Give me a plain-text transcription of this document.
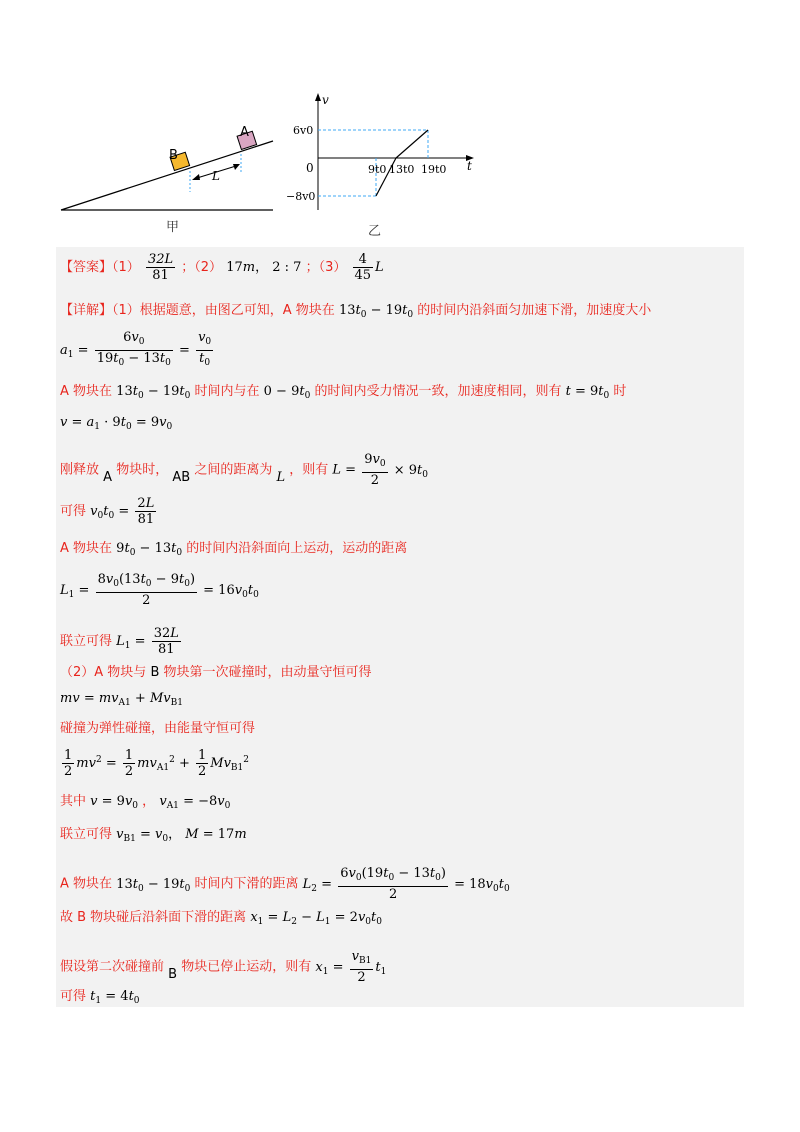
B
A
L
甲
v
t
0
6v0
−8v0
9t0 13t0 19t0
乙
【答案】$(1) \frac{32L}{81}$ ；（2） 17m， 2 : 7 ；$(3) \frac{4}{45}$ L
【详解】（1）根据题意，由图乙可知，A 物块在 $13t_0 - 19t_0$ 的时间内沿斜面匀加速下滑，加速度大小
$a_1 = \frac{6v_0}{19t_0 - 13t_0} = \frac{v_0}{t_0}$
A 物块在 $13t_0 - 19t_0$ 时间内与在 $0 - 9t_0$ 的时间内受力情况一致，加速度相同，则有 $t = 9t_0$ 时
$v = a_1 \cdot 9t_0 = 9v_0$
刚释放 A 物块时， AB 之间的距离为 L ，则有 $L = \frac{9v_0}{2} \times 9t_0$
可得 $v_0t_0 = \frac{2L}{81}$
A 物块在 $9t_0 - 13t_0$ 的时间内沿斜面向上运动，运动的距离
$L_1 = \frac{8v_0(13t_0 - 9t_0)}{2} = 16v_0t_0$
联立可得 $L_1 = \frac{32L}{81}$
（2）A 物块与 B 物块第一次碰撞时，由动量守恒可得
mv = $mv_{A1} + Mv_{B1}$
碰撞为弹性碰撞，由能量守恒可得
$\frac{1}{2} mv^2 = \frac{1}{2} mv_{A1}^2 + \frac{1}{2} Mv_{B1}^2$
其中 $v = 9v_0$ ， $v_{A1} = -8v_0$
联立可得 $v_{B1} = v_0$， M = 17m
A 物块在 $13t_0 - 19t_0$ 时间内下滑的距离 $L_2 = \frac{6v_0(19t_0 - 13t_0)}{2} = 18v_0t_0$
故 B 物块碰后沿斜面下滑的距离 $x_1 = L_2 - L_1 = 2v_0t_0$
假设第二次碰撞前 B 物块已停止运动，则有 $x_1 = \frac{v_{B1}}{2} t_1$
可得 $t_1 = 4t_0$
